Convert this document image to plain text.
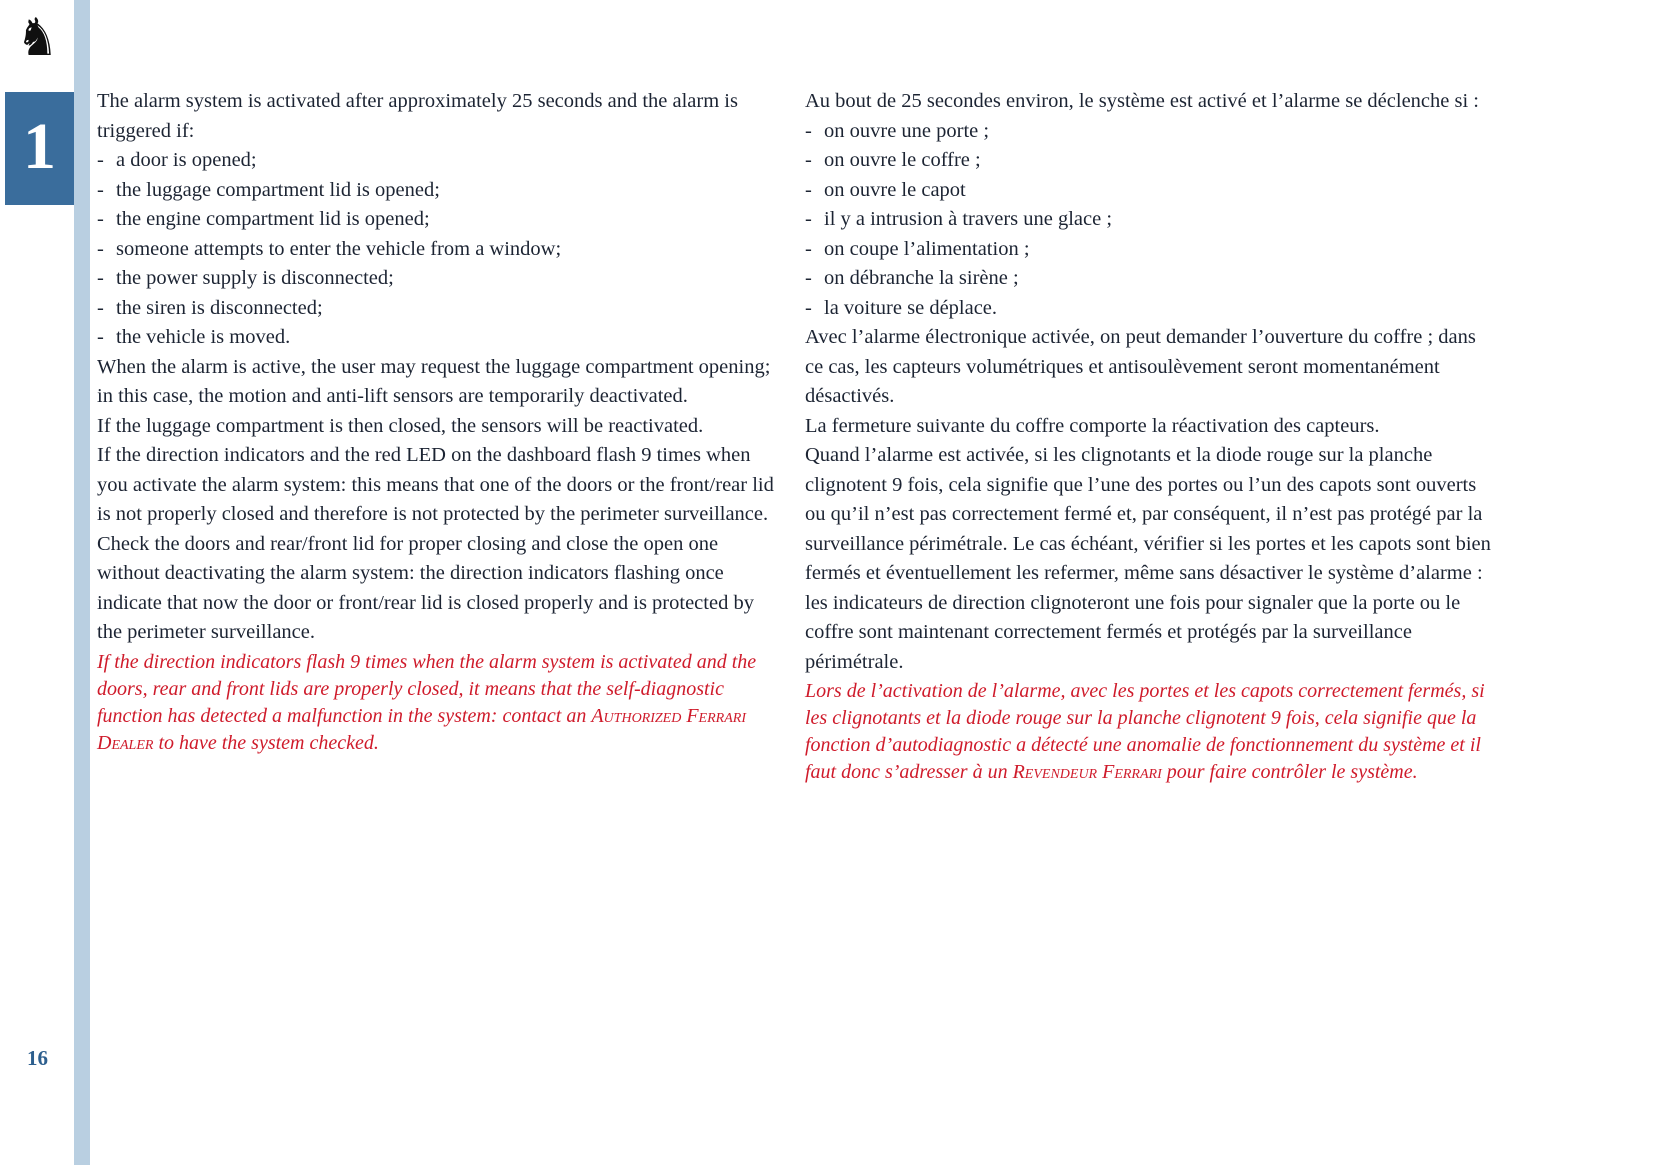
♞
1
16

The alarm system is activated after approximately 25 seconds and the alarm is triggered if:

- a door is opened;
- the luggage compartment lid is opened;
- the engine compartment lid is opened;
- someone attempts to enter the vehicle from a window;
- the power supply is disconnected;
- the siren is disconnected;
- the vehicle is moved.

When the alarm is active, the user may request the luggage compartment opening; in this case, the motion and anti-lift sensors are temporarily deactivated.

If the luggage compartment is then closed, the sensors will be reactivated.

If the direction indicators and the red LED on the dashboard flash 9 times when you activate the alarm system: this means that one of the doors or the front/rear lid is not properly closed and therefore is not protected by the perimeter surveillance. Check the doors and rear/front lid for proper closing and close the open one without deactivating the alarm system: the direction indicators flashing once indicate that now the door or front/rear lid is closed properly and is protected by the perimeter surveillance.

If the direction indicators flash 9 times when the alarm system is activated and the doors, rear and front lids are properly closed, it means that the self-diagnostic function has detected a malfunction in the system: contact an Authorized Ferrari Dealer to have the system checked.

Au bout de 25 secondes environ, le système est activé et l’alarme se déclenche si :

- on ouvre une porte ;
- on ouvre le coffre ;
- on ouvre le capot
- il y a intrusion à travers une glace ;
- on coupe l’alimentation ;
- on débranche la sirène ;
- la voiture se déplace.

Avec l’alarme électronique activée, on peut demander l’ouverture du coffre ; dans ce cas, les capteurs volumétriques et antisoulèvement seront momentanément désactivés.

La fermeture suivante du coffre comporte la réactivation des capteurs.

Quand l’alarme est activée, si les clignotants et la diode rouge sur la planche clignotent 9 fois, cela signifie que l’une des portes ou l’un des capots sont ouverts ou qu’il n’est pas correctement fermé et, par conséquent, il n’est pas protégé par la surveillance périmétrale. Le cas échéant, vérifier si les portes et les capots sont bien fermés et éventuellement les refermer, même sans désactiver le système d’alarme : les indicateurs de direction clignoteront une fois pour signaler que la porte ou le coffre sont maintenant correctement fermés et protégés par la surveillance périmétrale.

Lors de l’activation de l’alarme, avec les portes et les capots correctement fermés, si les clignotants et la diode rouge sur la planche clignotent 9 fois, cela signifie que la fonction d’autodiagnostic a détecté une anomalie de fonctionnement du système et il faut donc s’adresser à un Revendeur Ferrari pour faire contrôler le système.
